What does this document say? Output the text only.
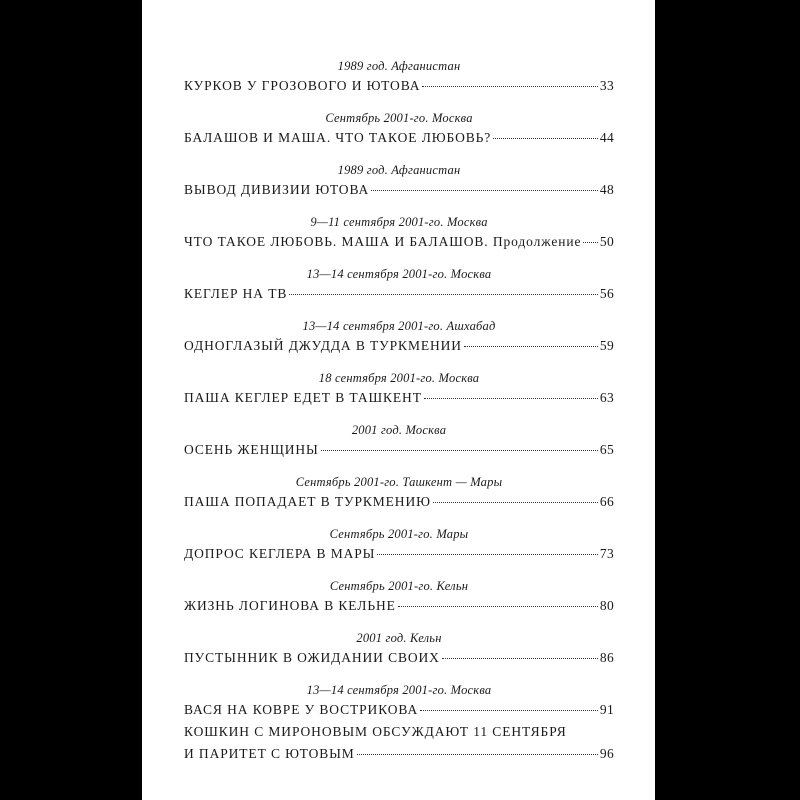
1989 год. Афганистан
КУРКОВ У ГРОЗОВОГО И ЮТОВА	33
Сентябрь 2001-го. Москва
БАЛАШОВ И МАША. ЧТО ТАКОЕ ЛЮБОВЬ?	44
1989 год. Афганистан
ВЫВОД ДИВИЗИИ ЮТОВА	48
9—11 сентября 2001-го. Москва
ЧТО ТАКОЕ ЛЮБОВЬ. МАША И БАЛАШОВ. Продолжение 50
13—14 сентября 2001-го. Москва
КЕГЛЕР НА ТВ	56
13—14 сентября 2001-го. Ашхабад
ОДНОГЛАЗЫЙ ДЖУДДА В ТУРКМЕНИИ	59
18 сентября 2001-го. Москва
ПАША КЕГЛЕР ЕДЕТ В ТАШКЕНТ	63
2001 год. Москва
ОСЕНЬ ЖЕНЩИНЫ	65
Сентябрь 2001-го. Ташкент — Мары
ПАША ПОПАДАЕТ В ТУРКМЕНИЮ	66
Сентябрь 2001-го. Мары
ДОПРОС КЕГЛЕРА В МАРЫ	73
Сентябрь 2001-го. Кельн
ЖИЗНЬ ЛОГИНОВА В КЕЛЬНЕ	80
2001 год. Кельн
ПУСТЫННИК В ОЖИДАНИИ СВОИХ	86
13—14 сентября 2001-го. Москва
ВАСЯ НА КОВРЕ У ВОСТРИКОВА	91
КОШКИН С МИРОНОВЫМ ОБСУЖДАЮТ 11 СЕНТЯБРЯ
И ПАРИТЕТ С ЮТОВЫМ	96
